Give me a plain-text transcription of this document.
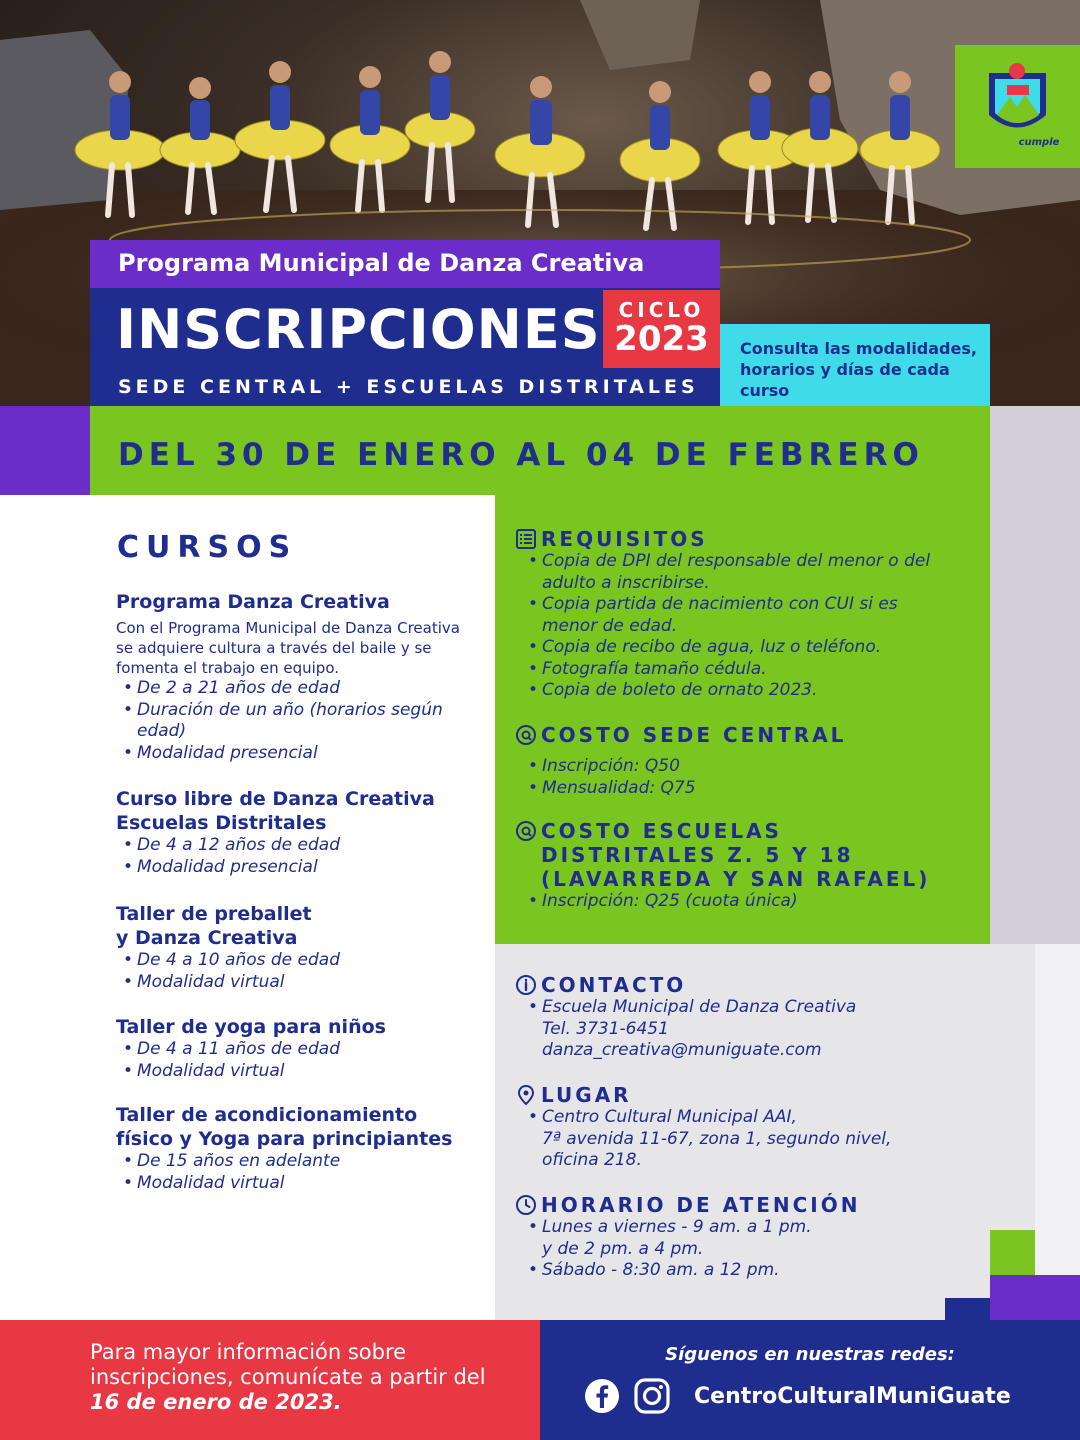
cumple
Programa Municipal de Danza Creativa
INSCRIPCIONES
SEDE CENTRAL + ESCUELAS DISTRITALES
CICLO
2023	Consulta las modalidades, horarios y días de cada curso
DEL 30 DE ENERO AL 04 DE FEBRERO
CURSOS
Programa Danza Creativa
Con el Programa Municipal de Danza Creativa se adquiere cultura a través del baile y se fomenta el trabajo en equipo.
• De 2 a 21 años de edad
• Duración de un año (horarios según edad)
• Modalidad presencial
Curso libre de Danza Creativa Escuelas Distritales
• De 4 a 12 años de edad
• Modalidad presencial
Taller de preballet y Danza Creativa
• De 4 a 10 años de edad
• Modalidad virtual
Taller de yoga para niños
• De 4 a 11 años de edad
• Modalidad virtual
Taller de acondicionamiento físico y Yoga para principiantes
• De 15 años en adelante
• Modalidad virtual
REQUISITOS
• Copia de DPI del responsable del menor o del adulto a inscribirse.
• Copia partida de nacimiento con CUI si es menor de edad.
• Copia de recibo de agua, luz o teléfono.
• Fotografía tamaño cédula.
• Copia de boleto de ornato 2023.
COSTO SEDE CENTRAL
• Inscripción: Q50
• Mensualidad: Q75
COSTO ESCUELAS DISTRITALES Z. 5 Y 18 (LAVARREDA Y SAN RAFAEL)
• Inscripción: Q25 (cuota única)
CONTACTO
• Escuela Municipal de Danza Creativa
Tel. 3731-6451
danza_creativa@muniguate.com
LUGAR
• Centro Cultural Municipal AAI,
7ª avenida 11-67, zona 1, segundo nivel,
oficina 218.
HORARIO DE ATENCIÓN
• Lunes a viernes - 9 am. a 1 pm.
y de 2 pm. a 4 pm.
• Sábado - 8:30 am. a 12 pm.
Para mayor información sobre inscripciones, comunícate a partir del 16 de enero de 2023.
Síguenos en nuestras redes:
CentroCulturalMuniGuate
